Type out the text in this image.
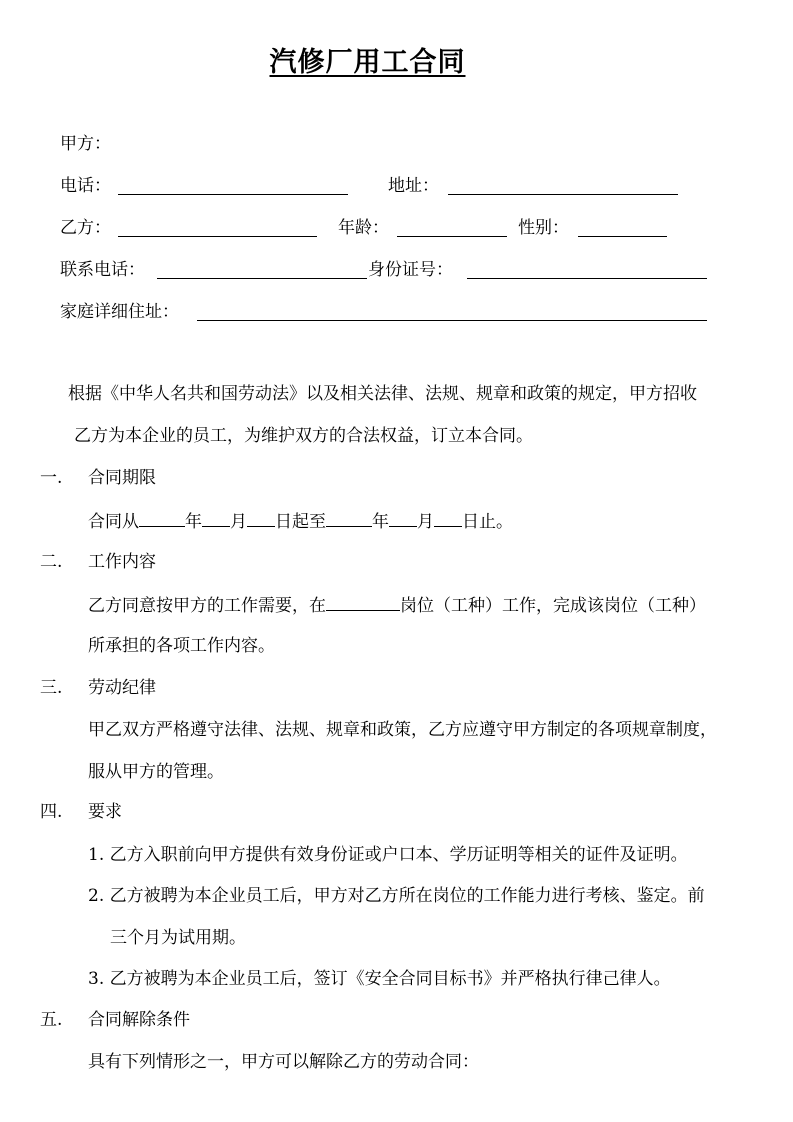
汽修厂用工合同
甲方：
电话：	地址：
乙方：	年龄：	性别：
联系电话：	身份证号：
家庭详细住址：
根据《中华人名共和国劳动法》以及相关法律、法规、规章和政策的规定，甲方招收
乙方为本企业的员工，为维护双方的合法权益，订立本合同。
一. 合同期限
合同从	年 月 日起至	年 月 日止。
二. 工作内容
乙方同意按甲方的工作需要，在	岗位（工种）工作，完成该岗位（工种）
所承担的各项工作内容。
三. 劳动纪律
甲乙双方严格遵守法律、法规、规章和政策，乙方应遵守甲方制定的各项规章制度，
服从甲方的管理。
四. 要求
1. 乙方入职前向甲方提供有效身份证或户口本、学历证明等相关的证件及证明。
2. 乙方被聘为本企业员工后，甲方对乙方所在岗位的工作能力进行考核、鉴定。前
三个月为试用期。
3. 乙方被聘为本企业员工后，签订《安全合同目标书》并严格执行律己律人。
五. 合同解除条件
具有下列情形之一，甲方可以解除乙方的劳动合同：
